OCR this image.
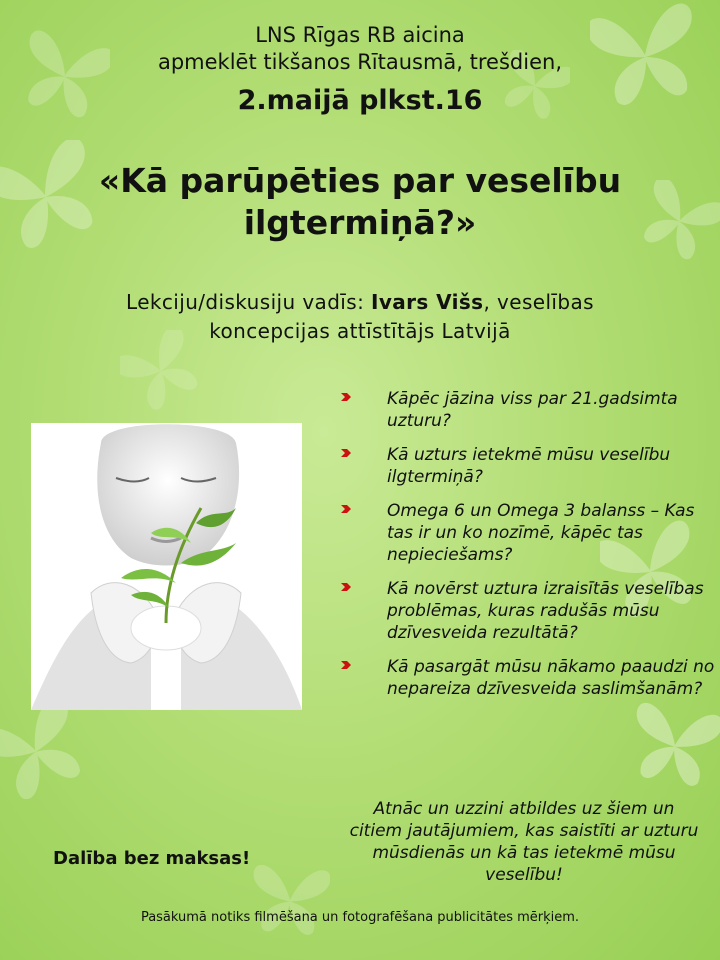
LNS Rīgas RB aicina
apmeklēt tikšanos Rītausmā, trešdien,
2.maijā plkst.16
«Kā parūpēties par veselību
ilgtermiņā?»
Lekciju/diskusiju vadīs: Ivars Višs, veselības
koncepcijas attīstītājs Latvijā
Kāpēc jāzina viss par 21.gadsimta uzturu?
Kā uzturs ietekmē mūsu veselību ilgtermiņā?
Omega 6 un Omega 3 balanss – Kas tas ir un ko nozīmē, kāpēc tas nepieciešams?
Kā novērst uztura izraisītās veselības problēmas, kuras radušās mūsu dzīvesveida rezultātā?
Kā pasargāt mūsu nākamo paaudzi no nepareiza dzīvesveida saslimšanām?
Atnāc un uzzini atbildes uz šiem un citiem jautājumiem, kas saistīti ar uzturu mūsdienās un kā tas ietekmē mūsu veselību!
Dalība bez maksas!
Pasākumā notiks filmēšana un fotografēšana publicitātes mērķiem.
